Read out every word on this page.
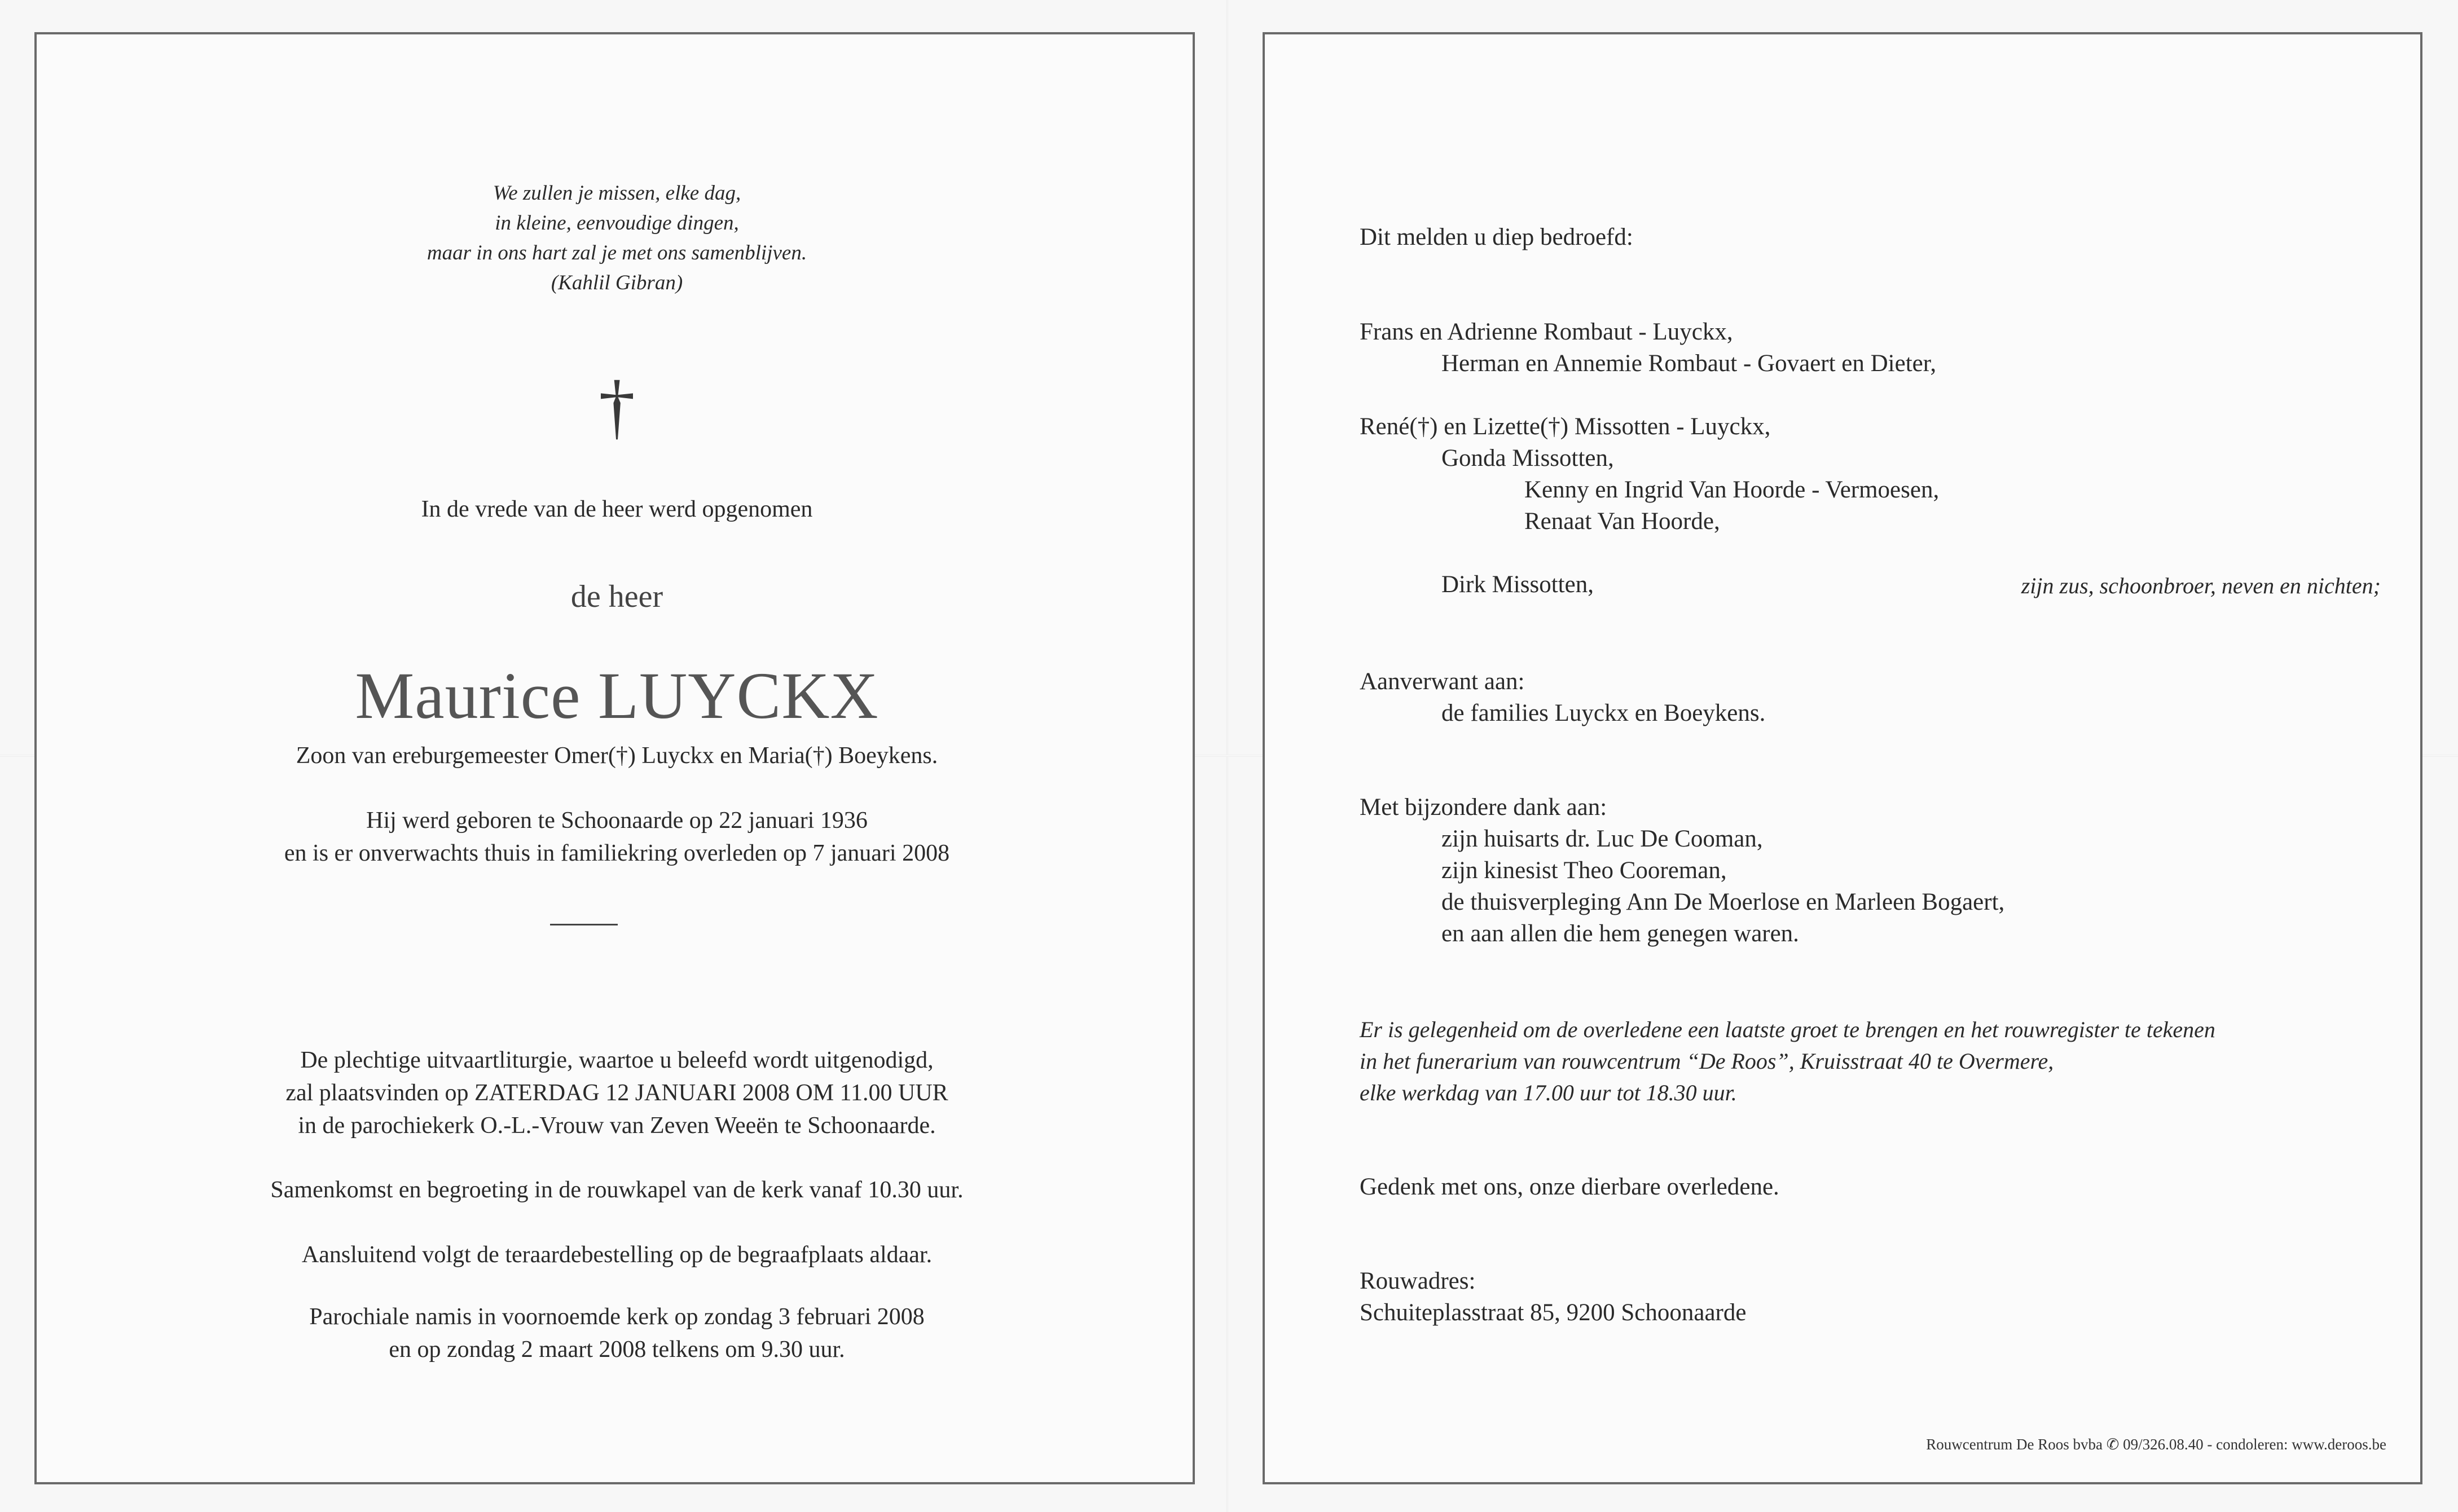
We zullen je missen, elke dag,
in kleine, eenvoudige dingen,
maar in ons hart zal je met ons samenblijven.
(Kahlil Gibran)
†
In de vrede van de heer werd opgenomen
de heer
Maurice LUYCKX
Zoon van ereburgemeester Omer(†) Luyckx en Maria(†) Boeykens.
Hij werd geboren te Schoonaarde op 22 januari 1936
en is er onverwachts thuis in familiekring overleden op 7 januari 2008
De plechtige uitvaartliturgie, waartoe u beleefd wordt uitgenodigd,
zal plaatsvinden op ZATERDAG 12 JANUARI 2008 OM 11.00 UUR
in de parochiekerk O.-L.-Vrouw van Zeven Weeën te Schoonaarde.
Samenkomst en begroeting in de rouwkapel van de kerk vanaf 10.30 uur.
Aansluitend volgt de teraardebestelling op de begraafplaats aldaar.
Parochiale namis in voornoemde kerk op zondag 3 februari 2008
en op zondag 2 maart 2008 telkens om 9.30 uur.
Dit melden u diep bedroefd:
Frans en Adrienne Rombaut - Luyckx,
Herman en Annemie Rombaut - Govaert en Dieter,
René(†) en Lizette(†) Missotten - Luyckx,
Gonda Missotten,
Kenny en Ingrid Van Hoorde - Vermoesen,
Renaat Van Hoorde,
Dirk Missotten,	zijn zus, schoonbroer, neven en nichten;
Aanverwant aan:
de families Luyckx en Boeykens.
Met bijzondere dank aan:
zijn huisarts dr. Luc De Cooman,
zijn kinesist Theo Cooreman,
de thuisverpleging Ann De Moerlose en Marleen Bogaert,
en aan allen die hem genegen waren.
Er is gelegenheid om de overledene een laatste groet te brengen en het rouwregister te tekenen
in het funerarium van rouwcentrum “De Roos”, Kruisstraat 40 te Overmere,
elke werkdag van 17.00 uur tot 18.30 uur.
Gedenk met ons, onze dierbare overledene.
Rouwadres:
Schuiteplasstraat 85, 9200 Schoonaarde
Rouwcentrum De Roos bvba ✆ 09/326.08.40 - condoleren: www.deroos.be
